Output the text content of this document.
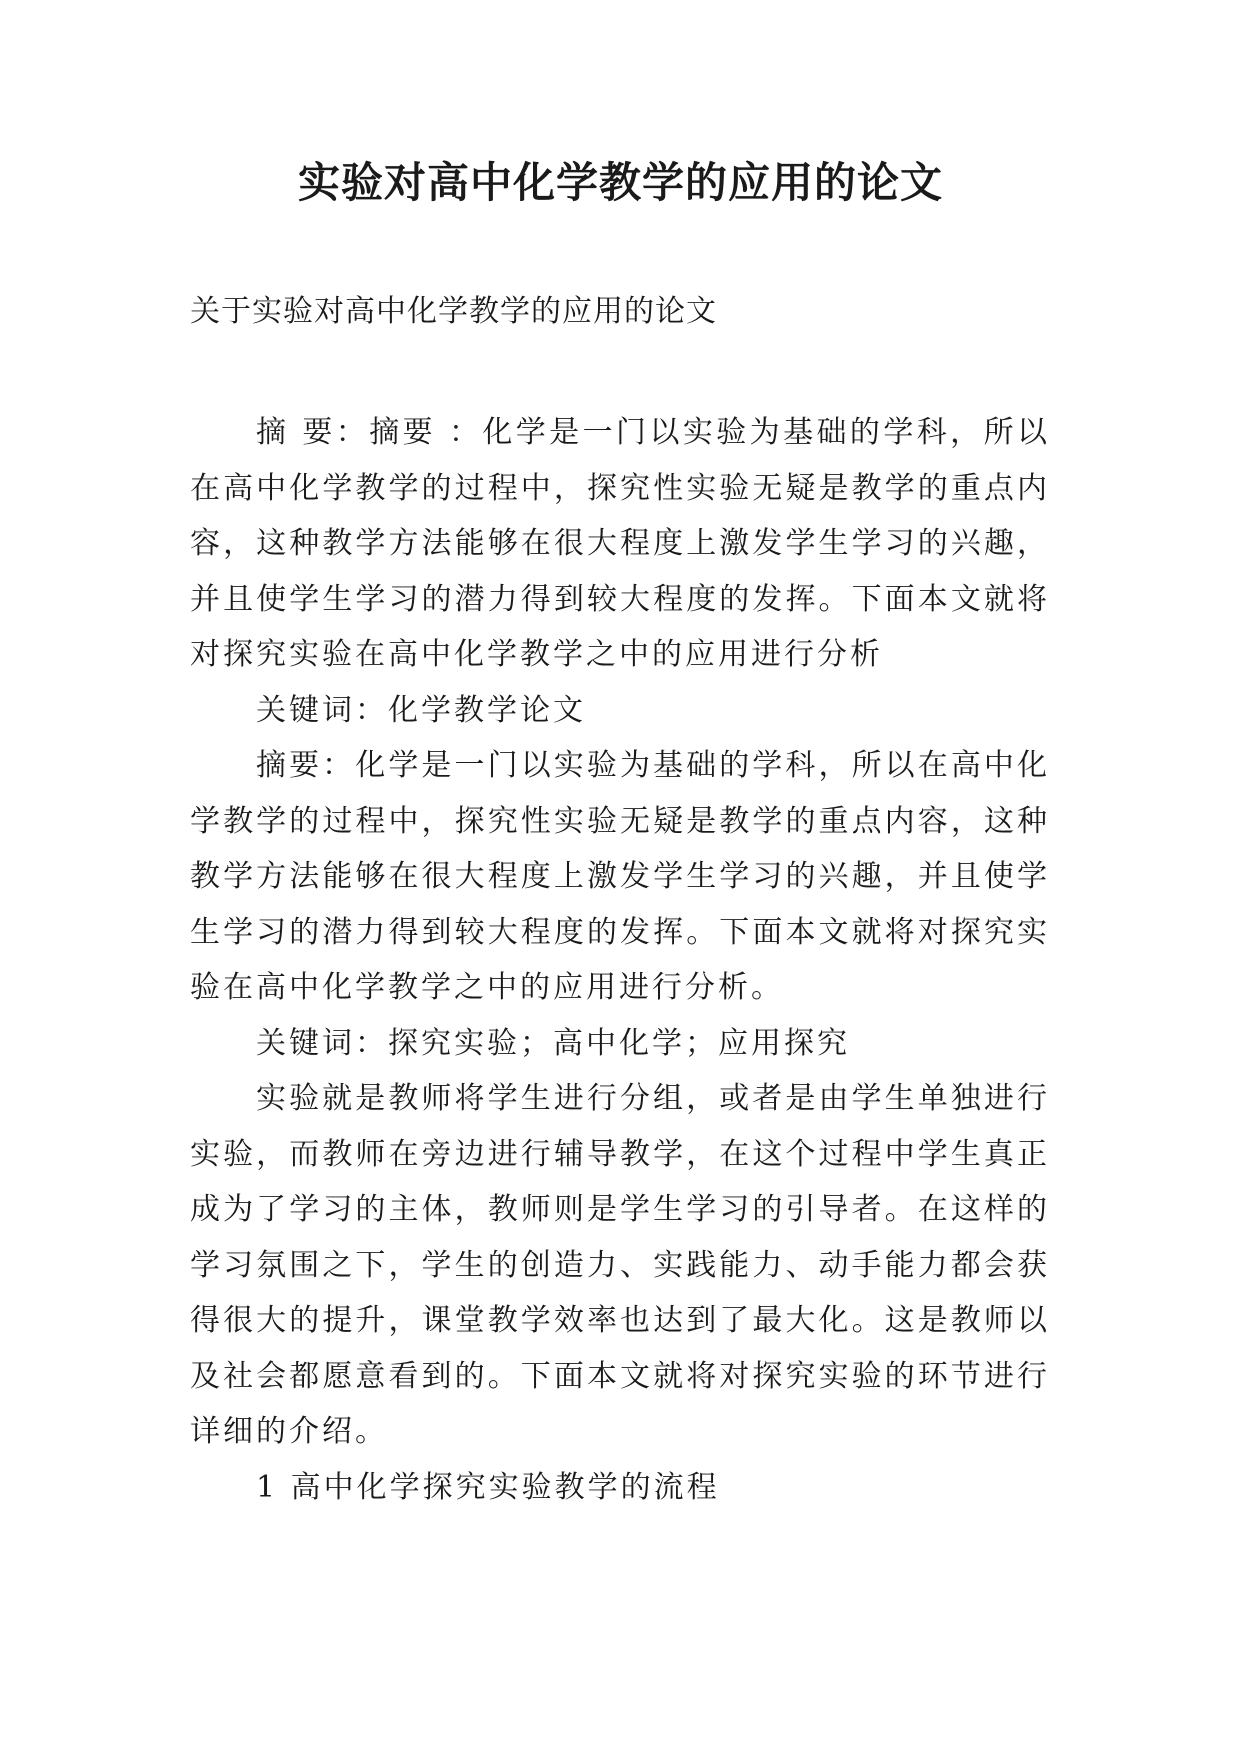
实验对高中化学教学的应用的论文

关于实验对高中化学教学的应用的论文

摘 要：摘要 ：化学是一门以实验为基础的学科，所以在高中化学教学的过程中，探究性实验无疑是教学的重点内容，这种教学方法能够在很大程度上激发学生学习的兴趣，并且使学生学习的潜力得到较大程度的发挥。下面本文就将对探究实验在高中化学教学之中的应用进行分析

关键词：化学教学论文

摘要：化学是一门以实验为基础的学科，所以在高中化学教学的过程中，探究性实验无疑是教学的重点内容，这种教学方法能够在很大程度上激发学生学习的兴趣，并且使学生学习的潜力得到较大程度的发挥。下面本文就将对探究实验在高中化学教学之中的应用进行分析。

关键词：探究实验；高中化学；应用探究

实验就是教师将学生进行分组，或者是由学生单独进行实验，而教师在旁边进行辅导教学，在这个过程中学生真正成为了学习的主体，教师则是学生学习的引导者。在这样的学习氛围之下，学生的创造力、实践能力、动手能力都会获得很大的提升，课堂教学效率也达到了最大化。这是教师以及社会都愿意看到的。下面本文就将对探究实验的环节进行详细的介绍。

1 高中化学探究实验教学的流程
